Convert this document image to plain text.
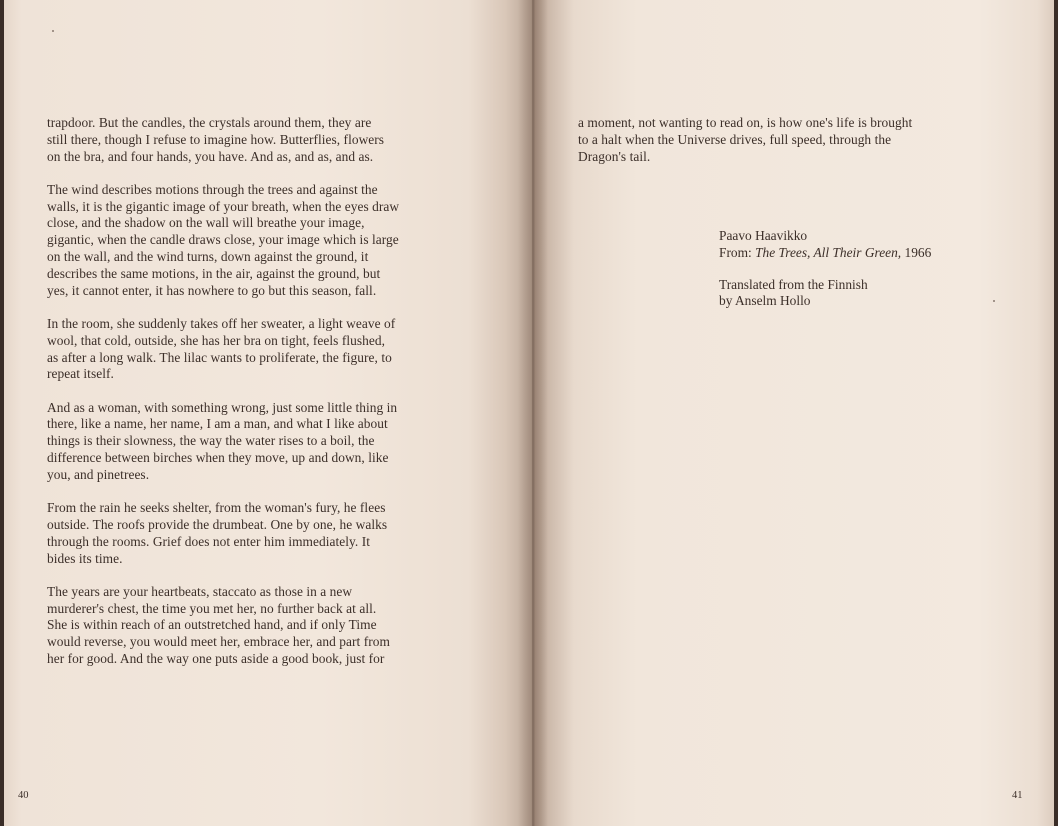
trapdoor. But the candles, the crystals around them, they are
still there, though I refuse to imagine how. Butterflies, flowers
on the bra, and four hands, you have. And as, and as, and as.

The wind describes motions through the trees and against the
walls, it is the gigantic image of your breath, when the eyes draw
close, and the shadow on the wall will breathe your image,
gigantic, when the candle draws close, your image which is large
on the wall, and the wind turns, down against the ground, it
describes the same motions, in the air, against the ground, but
yes, it cannot enter, it has nowhere to go but this season, fall.

In the room, she suddenly takes off her sweater, a light weave of
wool, that cold, outside, she has her bra on tight, feels flushed,
as after a long walk. The lilac wants to proliferate, the figure, to
repeat itself.

And as a woman, with something wrong, just some little thing in
there, like a name, her name, I am a man, and what I like about
things is their slowness, the way the water rises to a boil, the
difference between birches when they move, up and down, like
you, and pinetrees.

From the rain he seeks shelter, from the woman's fury, he flees
outside. The roofs provide the drumbeat. One by one, he walks
through the rooms. Grief does not enter him immediately. It
bides its time.

The years are your heartbeats, staccato as those in a new
murderer's chest, the time you met her, no further back at all.
She is within reach of an outstretched hand, and if only Time
would reverse, you would meet her, embrace her, and part from
her for good. And the way one puts aside a good book, just for

a moment, not wanting to read on, is how one's life is brought
to a halt when the Universe drives, full speed, through the
Dragon's tail.

Paavo Haavikko
From: The Trees, All Their Green, 1966
Translated from the Finnish
by Anselm Hollo
40	41
